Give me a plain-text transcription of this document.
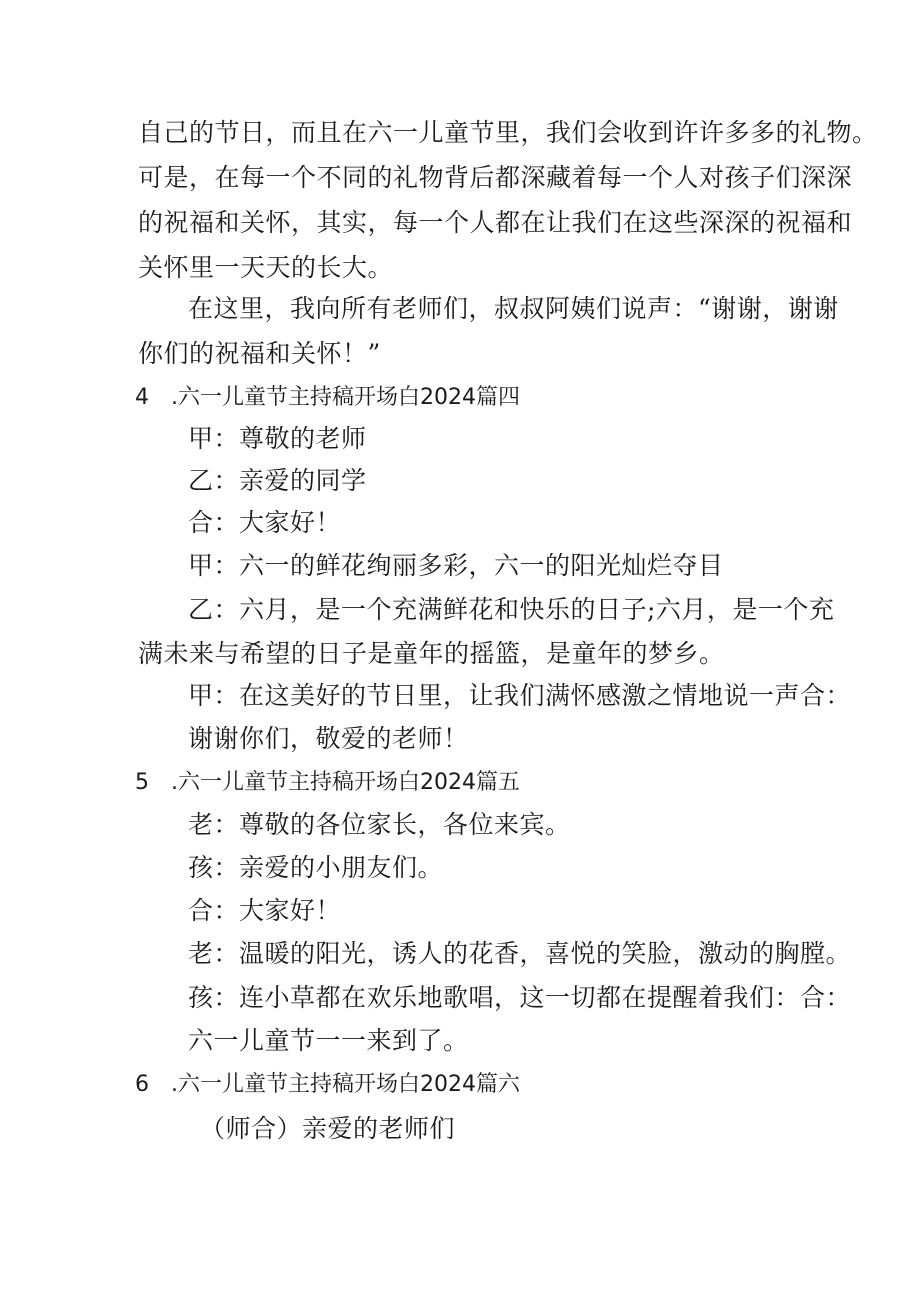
自己的节日，而且在六一儿童节里，我们会收到许许多多的礼物。
可是，在每一个不同的礼物背后都深藏着每一个人对孩子们深深
的祝福和关怀，其实，每一个人都在让我们在这些深深的祝福和
关怀里一天天的长大。
在这里，我向所有老师们，叔叔阿姨们说声：“谢谢，谢谢
你们的祝福和关怀！”
4 .六一儿童节主持稿开场白2024篇四
甲：尊敬的老师
乙：亲爱的同学
合：大家好！
甲：六一的鲜花绚丽多彩，六一的阳光灿烂夺目
乙：六月，是一个充满鲜花和快乐的日子;六月，是一个充
满未来与希望的日子是童年的摇篮，是童年的梦乡。
甲：在这美好的节日里，让我们满怀感激之情地说一声合：
谢谢你们，敬爱的老师！
5 .六一儿童节主持稿开场白2024篇五
老：尊敬的各位家长，各位来宾。
孩：亲爱的小朋友们。
合：大家好！
老：温暖的阳光，诱人的花香，喜悦的笑脸，激动的胸膛。
孩：连小草都在欢乐地歌唱，这一切都在提醒着我们：合：
六一儿童节一一来到了。
6 .六一儿童节主持稿开场白2024篇六
（师合）亲爱的老师们
